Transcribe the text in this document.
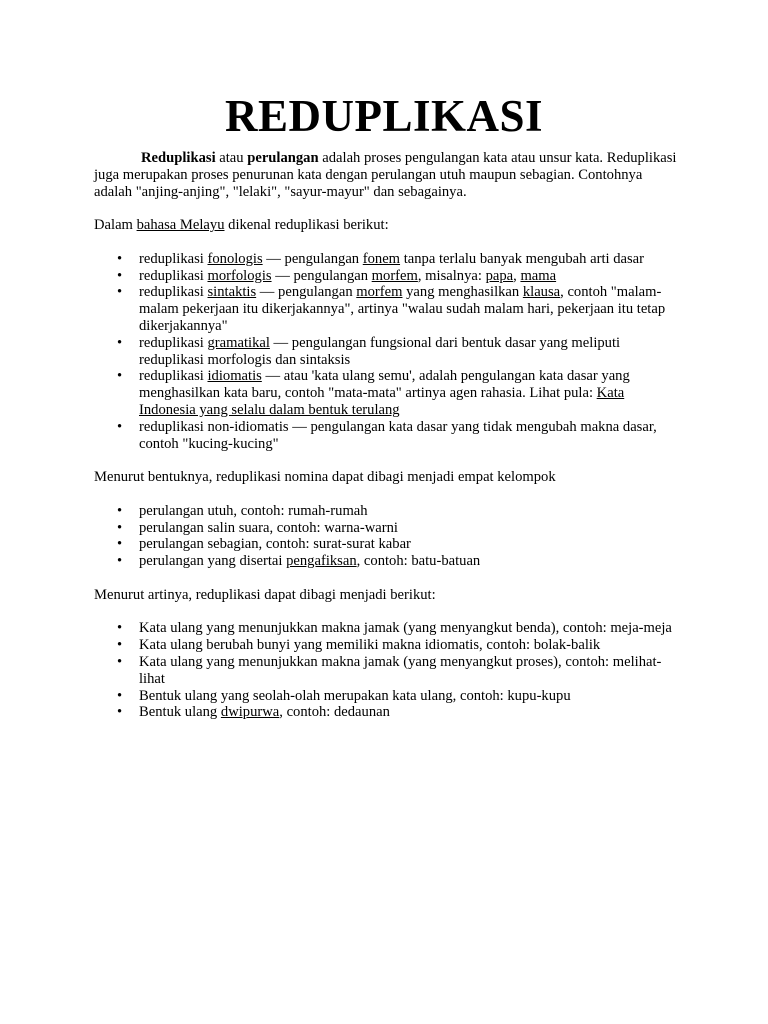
REDUPLIKASI

Reduplikasi atau perulangan adalah proses pengulangan kata atau unsur kata. Reduplikasi juga merupakan proses penurunan kata dengan perulangan utuh maupun sebagian. Contohnya adalah "anjing-anjing", "lelaki", "sayur-mayur" dan sebagainya.

Dalam bahasa Melayu dikenal reduplikasi berikut:

• reduplikasi fonologis — pengulangan fonem tanpa terlalu banyak mengubah arti dasar
• reduplikasi morfologis — pengulangan morfem, misalnya: papa, mama
• reduplikasi sintaktis — pengulangan morfem yang menghasilkan klausa, contoh "malam-malam pekerjaan itu dikerjakannya", artinya "walau sudah malam hari, pekerjaan itu tetap dikerjakannya"
• reduplikasi gramatikal — pengulangan fungsional dari bentuk dasar yang meliputi reduplikasi morfologis dan sintaksis
• reduplikasi idiomatis — atau 'kata ulang semu', adalah pengulangan kata dasar yang menghasilkan kata baru, contoh "mata-mata" artinya agen rahasia. Lihat pula: Kata Indonesia yang selalu dalam bentuk terulang
• reduplikasi non-idiomatis — pengulangan kata dasar yang tidak mengubah makna dasar, contoh "kucing-kucing"

Menurut bentuknya, reduplikasi nomina dapat dibagi menjadi empat kelompok

• perulangan utuh, contoh: rumah-rumah
• perulangan salin suara, contoh: warna-warni
• perulangan sebagian, contoh: surat-surat kabar
• perulangan yang disertai pengafiksan, contoh: batu-batuan

Menurut artinya, reduplikasi dapat dibagi menjadi berikut:

• Kata ulang yang menunjukkan makna jamak (yang menyangkut benda), contoh: meja-meja
• Kata ulang berubah bunyi yang memiliki makna idiomatis, contoh: bolak-balik
• Kata ulang yang menunjukkan makna jamak (yang menyangkut proses), contoh: melihat-lihat
• Bentuk ulang yang seolah-olah merupakan kata ulang, contoh: kupu-kupu
• Bentuk ulang dwipurwa, contoh: dedaunan
